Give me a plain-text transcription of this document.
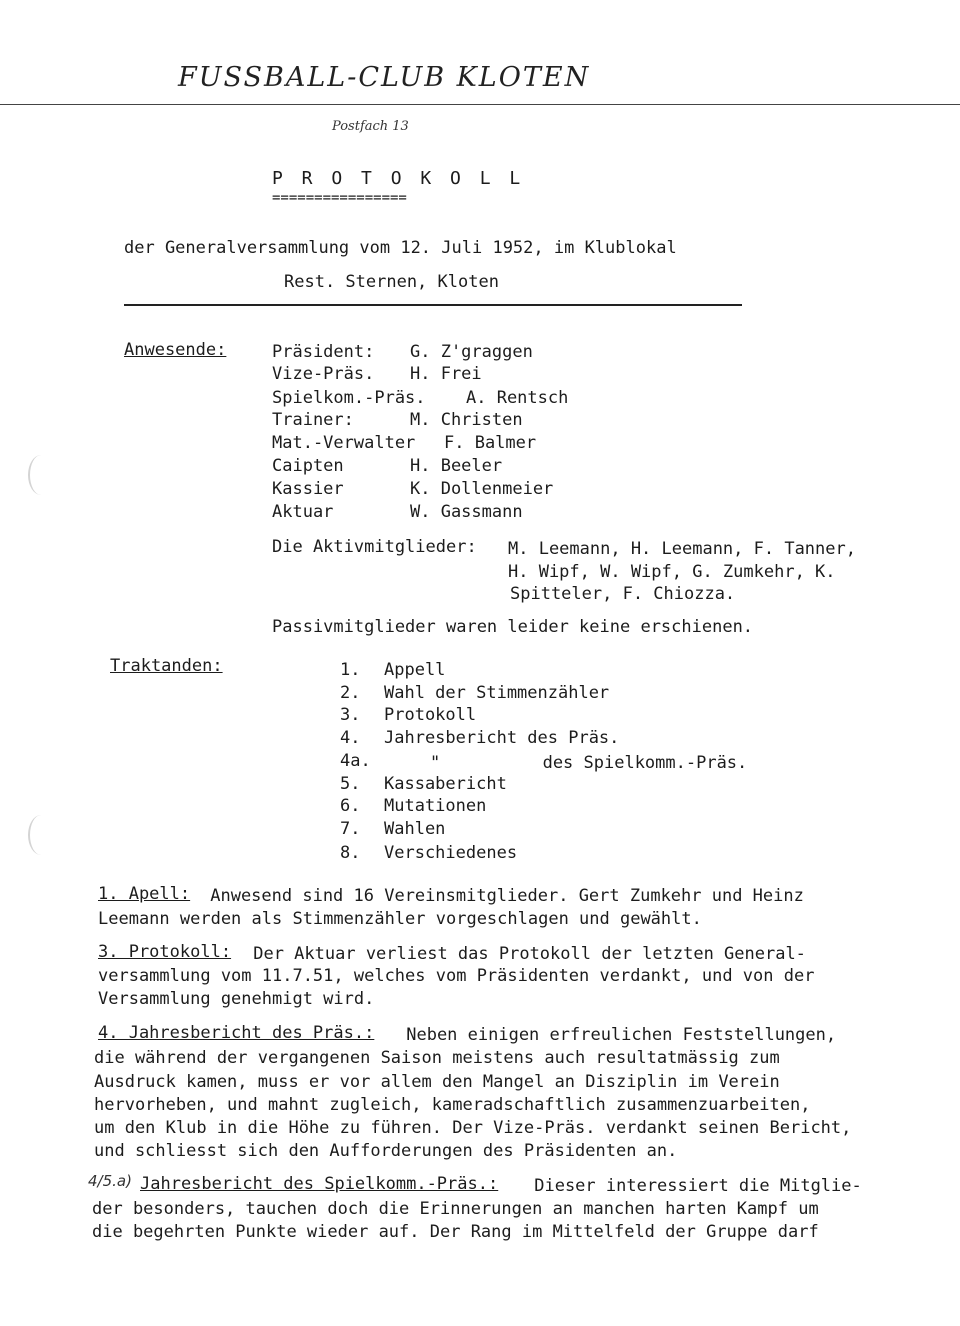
FUSSBALL-CLUB KLOTEN
Postfach 13
P R O T O K O L L
================
der Generalversammlung vom 12. Juli 1952, im Klublokal
Rest. Sternen, Kloten
Anwesende:	Präsident: G. Z'graggen
Vize-Präs. H. Frei
Spielkom.-Präs. A. Rentsch
Trainer:	M. Christen
Mat.-Verwalter F. Balmer
Caipten	H. Beeler
Kassier	K. Dollenmeier
Aktuar	W. Gassmann
Die Aktivmitglieder: M. Leemann, H. Leemann, F. Tanner,
H. Wipf, W. Wipf, G. Zumkehr, K.
Spitteler, F. Chiozza.
Passivmitglieder waren leider keine erschienen.
Traktanden:	1. Appell
2. Wahl der Stimmenzähler
3. Protokoll
4. Jahresbericht des Präs.
4a.	"          des Spielkomm.-Präs.
5. Kassabericht
6. Mutationen
7. Wahlen
8. Verschiedenes
1. Apell: Anwesend sind 16 Vereinsmitglieder. Gert Zumkehr und Heinz
Leemann werden als Stimmenzähler vorgeschlagen und gewählt.
3. Protokoll: Der Aktuar verliest das Protokoll der letzten General-
versammlung vom 11.7.51, welches vom Präsidenten verdankt, und von der
Versammlung genehmigt wird.
4. Jahresbericht des Präs.: Neben einigen erfreulichen Feststellungen,
die während der vergangenen Saison meistens auch resultatmässig zum
Ausdruck kamen, muss er vor allem den Mangel an Disziplin im Verein
hervorheben, und mahnt zugleich, kameradschaftlich zusammenzuarbeiten,
um den Klub in die Höhe zu führen. Der Vize-Präs. verdankt seinen Bericht,
und schliesst sich den Aufforderungen des Präsidenten an.
4/5.a) Jahresbericht des Spielkomm.-Präs.: Dieser interessiert die Mitglie-
der besonders, tauchen doch die Erinnerungen an manchen harten Kampf um
die begehrten Punkte wieder auf. Der Rang im Mittelfeld der Gruppe darf
